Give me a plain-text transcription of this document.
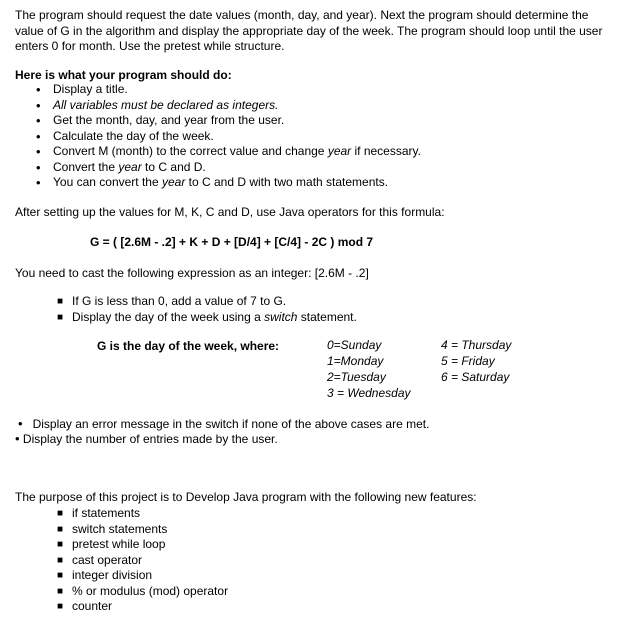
The program should request the date values (month, day, and year). Next the program should determine the value of G in the algorithm and display the appropriate day of the week. The program should loop until the user enters 0 for month. Use the pretest while structure.

Here is what your program should do:
• Display a title.
• All variables must be declared as integers.
• Get the month, day, and year from the user.
• Calculate the day of the week.
• Convert M (month) to the correct value and change year if necessary.
• Convert the year to C and D.
• You can convert the year to C and D with two math statements.
After setting up the values for M, K, C and D, use Java operators for this formula:
G = ( [2.6M - .2] + K + D + [D/4] + [C/4] - 2C ) mod 7
You need to cast the following expression as an integer: [2.6M - .2]
■ If G is less than 0, add a value of 7 to G.
■ Display the day of the week using a switch statement.
G is the day of the week, where:	0=Sunday
1=Monday
2=Tuesday
3 = Wednesday
4 = Thursday
5 = Friday
6 = Saturday
• Display an error message in the switch if none of the above cases are met.
• Display the number of entries made by the user.
The purpose of this project is to Develop Java program with the following new features:
■ if statements
■ switch statements
■ pretest while loop
■ cast operator
■ integer division
■ % or modulus (mod) operator
■ counter
